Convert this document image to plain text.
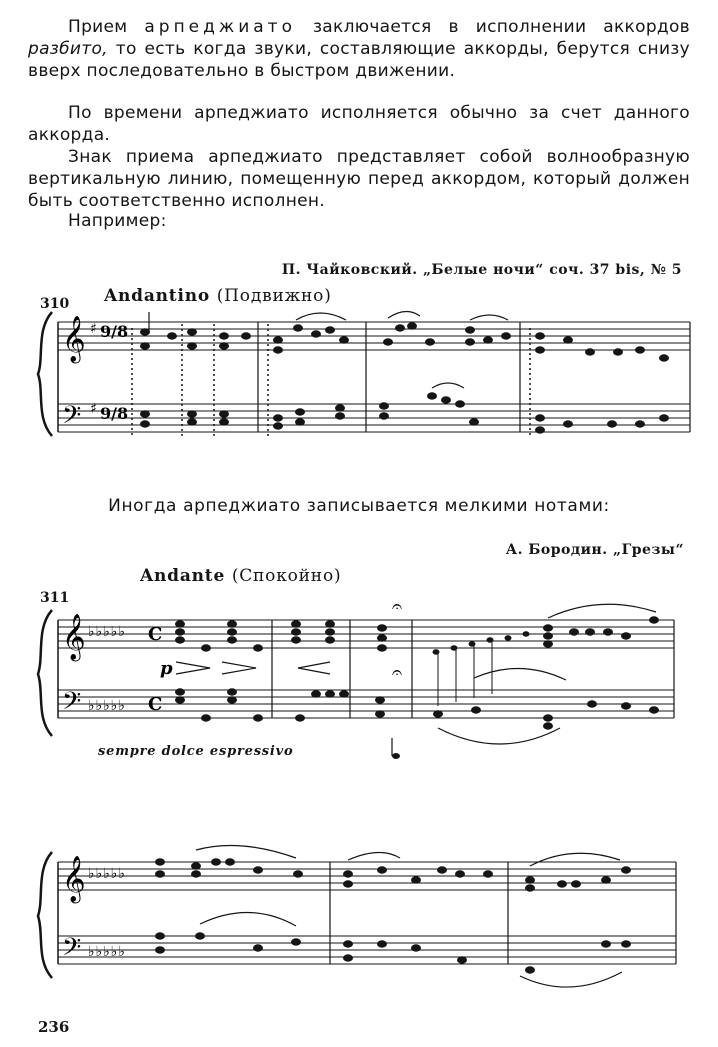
Прием арпеджиато заключается в исполнении аккордов разбито, то есть когда звуки, составляющие аккорды, берутся снизу вверх последовательно в быстром движении.

По времени арпеджиато исполняется обычно за счет данного аккорда.

Знак приема арпеджиато представляет собой волнообразную вертикальную линию, помещенную перед аккордом, который должен быть соответственно исполнен.

Например:

П. Чайковский. „Белые ночи“ соч. 37 bis, № 5
310 Andantino (Подвижно)
𝄞
𝄢
♯
♯
9/8
9/8
Иногда арпеджиато записывается мелкими нотами:
А. Бородин. „Грезы“
311
Andante (Спокойно)
sempre dolce espressivo
𝄞
𝄢
♭♭♭♭♭
♭♭♭♭♭
C
C
𝄐
𝄐
p
𝄞
𝄢
♭♭♭♭♭
♭♭♭♭♭
236
